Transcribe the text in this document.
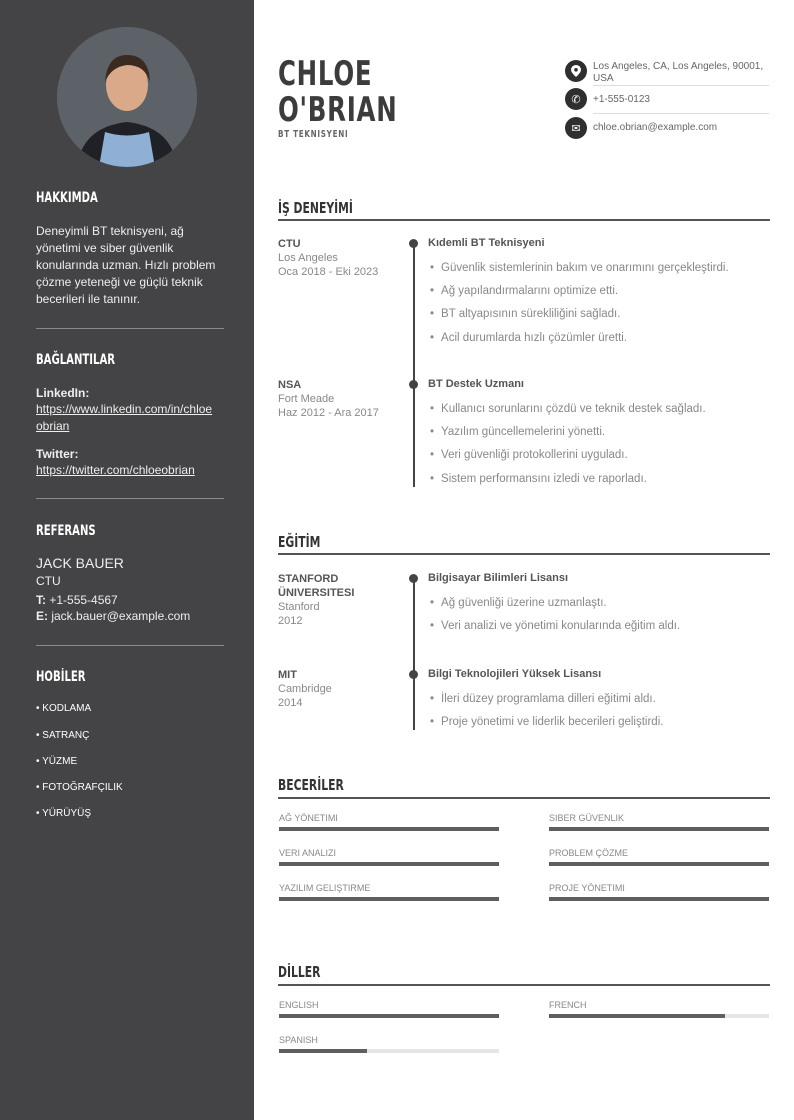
HAKKIMDA
Deneyimli BT teknisyeni, ağ yönetimi ve siber güvenlik konularında uzman. Hızlı problem çözme yeteneği ve güçlü teknik becerileri ile tanınır.
BAĞLANTILAR
LinkedIn:
https://www.linkedin.com/in/chloeobrian
Twitter:
https://twitter.com/chloeobrian
REFERANS
JACK BAUER
CTU
T: +1-555-4567
E: jack.bauer@example.com
HOBİLER
• KODLAMA
• SATRANÇ
• YÜZME
• FOTOĞRAFÇILIK
• YÜRÜYÜŞ
CHLOE
O'BRIAN
BT TEKNISYENI
Los Angeles, CA, Los Angeles, 90001, USA
✆	+1-555-0123
✉	chloe.obrian@example.com
İŞ DENEYİMİ
CTU
Los Angeles
Oca 2018 - Eki 2023
Kıdemli BT Teknisyeni
• Güvenlik sistemlerinin bakım ve onarımını gerçekleştirdi.
• Ağ yapılandırmalarını optimize etti.
• BT altyapısının sürekliliğini sağladı.
• Acil durumlarda hızlı çözümler üretti.
NSA
Fort Meade
Haz 2012 - Ara 2017
BT Destek Uzmanı
• Kullanıcı sorunlarını çözdü ve teknik destek sağladı.
• Yazılım güncellemelerini yönetti.
• Veri güvenliği protokollerini uyguladı.
• Sistem performansını izledi ve raporladı.
EĞİTİM
STANFORD ÜNIVERSITESI
Stanford
2012
Bilgisayar Bilimleri Lisansı
• Ağ güvenliği üzerine uzmanlaştı.
• Veri analizi ve yönetimi konularında eğitim aldı.
MIT
Cambridge
2014
Bilgi Teknolojileri Yüksek Lisansı
• İleri düzey programlama dilleri eğitimi aldı.
• Proje yönetimi ve liderlik becerileri geliştirdi.
BECERİLER
AĞ YÖNETIMI	SIBER GÜVENLIK
VERI ANALIZI	PROBLEM ÇÖZME
YAZILIM GELIŞTIRME	PROJE YÖNETIMI
DİLLER
ENGLISH	FRENCH
SPANISH
